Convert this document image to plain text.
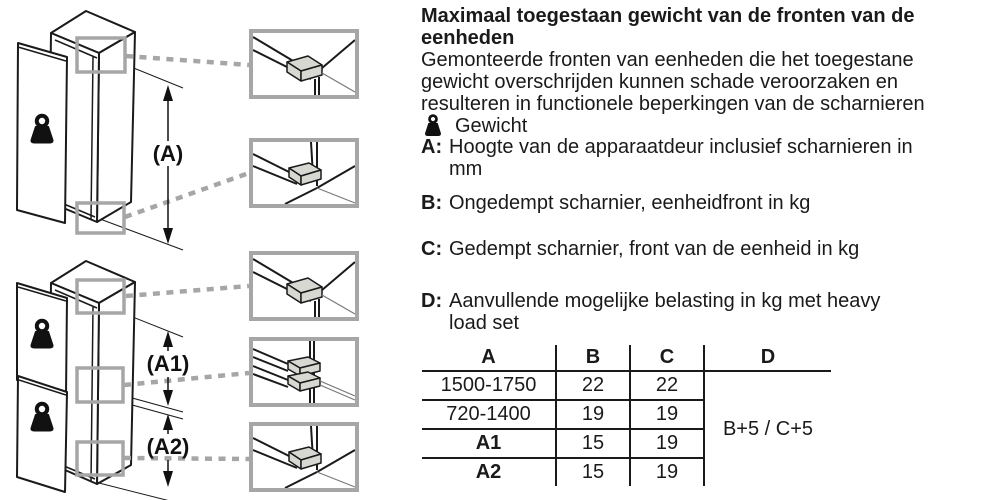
(A)
(A1)
(A2)
Maximaal toegestaan gewicht van de fronten van de
eenheden
Gemonteerde fronten van eenheden die het toegestane
gewicht overschrijden kunnen schade veroorzaken en
resulteren in functionele beperkingen van de scharnieren
Gewicht
A: Hoogte van de apparaatdeur inclusief scharnieren in
mm
B: Ongedempt scharnier, eenheidfront in kg
C: Gedempt scharnier, front van de eenheid in kg
D: Aanvullende mogelijke belasting in kg met heavy
load set
A	B	C	D
1500-1750	22	22	B+5 / C+5
720-1400	19	19	
A1	15	19	
A2	15	19	
